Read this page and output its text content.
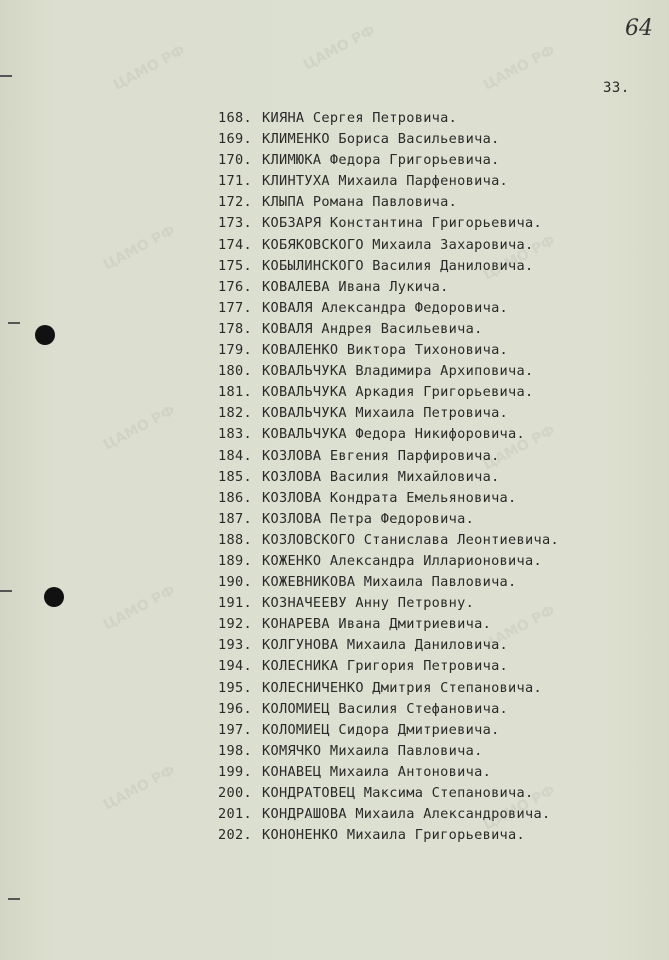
ЦАМО РФ	ЦАМО РФ	ЦАМО РФ
ЦАМО РФ	ЦАМО РФ
ЦАМО РФ	ЦАМО РФ
ЦАМО РФ	ЦАМО РФ
ЦАМО РФ	ЦАМО РФ
64
33.
168. КИЯНА Сергея Петровича.
169. КЛИМЕНКО Бориса Васильевича.
170. КЛИМЮКА Федора Григорьевича.
171. КЛИНТУХА Михаила Парфеновича.
172. КЛЫПА Романа Павловича.
173. КОБЗАРЯ Константина Григорьевича.
174. КОБЯКОВСКОГО Михаила Захаровича.
175. КОБЫЛИНСКОГО Василия Даниловича.
176. КОВАЛЕВА Ивана Лукича.
177. КОВАЛЯ Александра Федоровича.
178. КОВАЛЯ Андрея Васильевича.
179. КОВАЛЕНКО Виктора Тихоновича.
180. КОВАЛЬЧУКА Владимира Архиповича.
181. КОВАЛЬЧУКА Аркадия Григорьевича.
182. КОВАЛЬЧУКА Михаила Петровича.
183. КОВАЛЬЧУКА Федора Никифоровича.
184. КОЗЛОВА Евгения Парфировича.
185. КОЗЛОВА Василия Михайловича.
186. КОЗЛОВА Кондрата Емельяновича.
187. КОЗЛОВА Петра Федоровича.
188. КОЗЛОВСКОГО Станислава Леонтиевича.
189. КОЖЕНКО Александра Илларионовича.
190. КОЖЕВНИКОВА Михаила Павловича.
191. КОЗНАЧЕЕВУ Анну Петровну.
192. КОНАРЕВА Ивана Дмитриевича.
193. КОЛГУНОВА Михаила Даниловича.
194. КОЛЕСНИКА Григория Петровича.
195. КОЛЕСНИЧЕНКО Дмитрия Степановича.
196. КОЛОМИЕЦ Василия Стефановича.
197. КОЛОМИЕЦ Сидора Дмитриевича.
198. КОМЯЧКО Михаила Павловича.
199. КОНАВЕЦ Михаила Антоновича.
200. КОНДРАТОВЕЦ Максима Степановича.
201. КОНДРАШОВА Михаила Александровича.
202. КОНОНЕНКО Михаила Григорьевича.
